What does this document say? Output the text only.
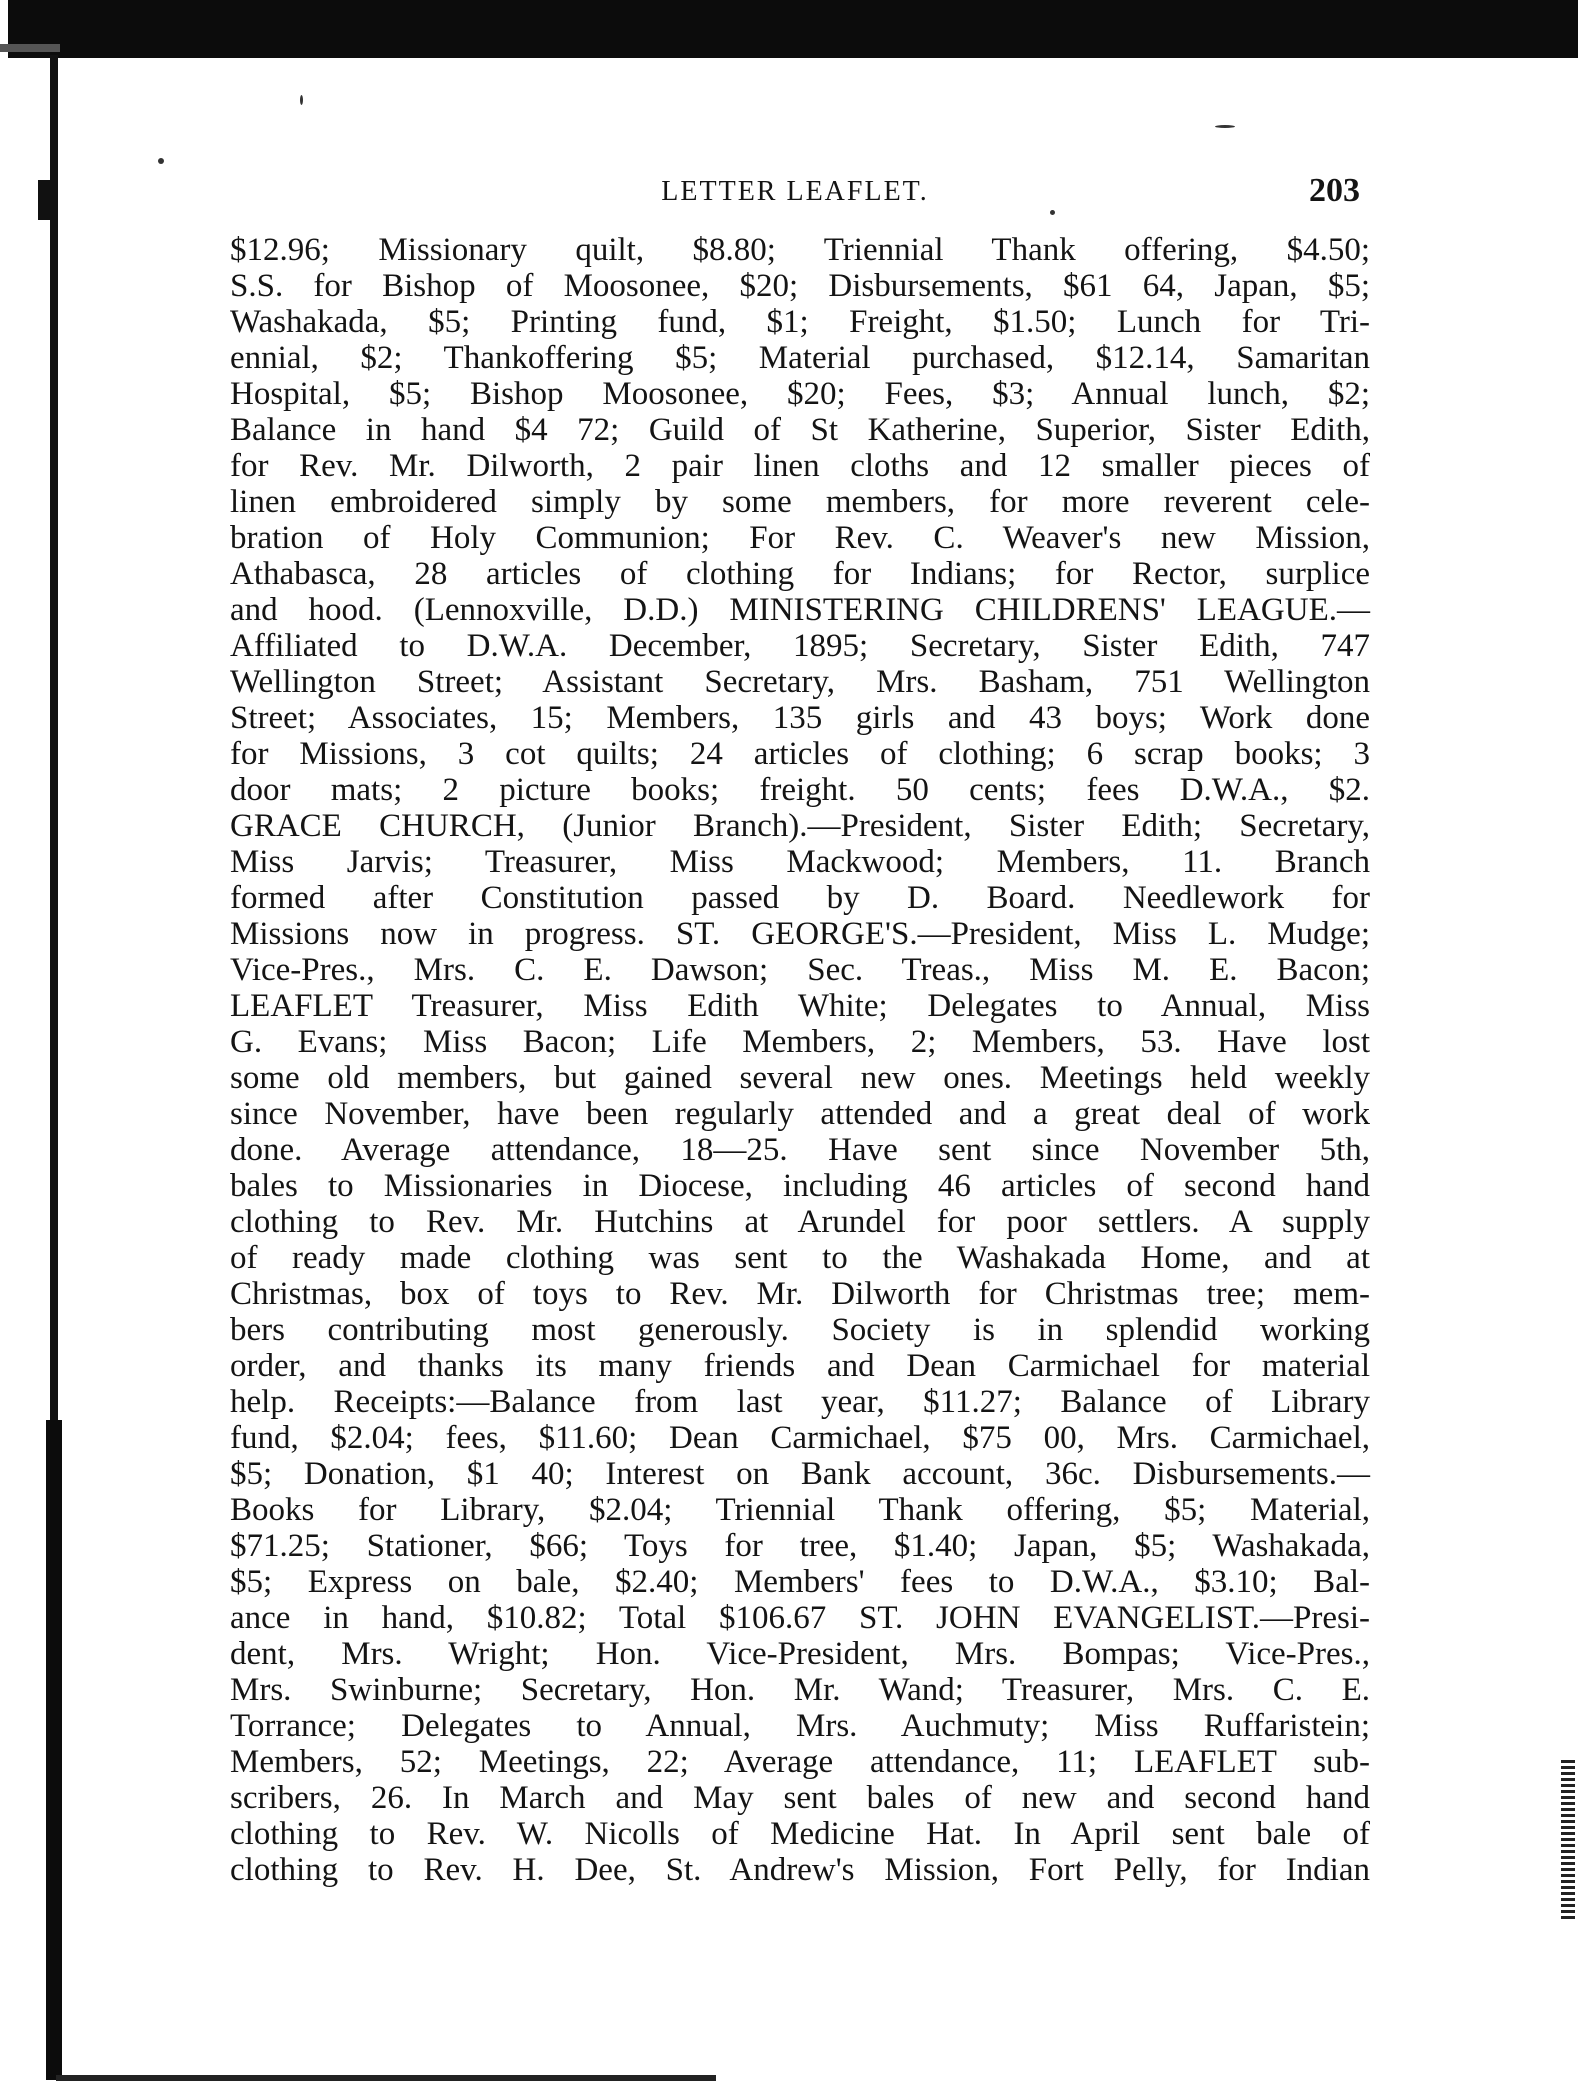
LETTER LEAFLET.	203
$12.96; Missionary quilt, $8.80; Triennial Thank offering, $4.50;
S.S. for Bishop of Moosonee, $20; Disbursements, $61 64, Japan, $5;
Washakada, $5; Printing fund, $1; Freight, $1.50; Lunch for Tri-
ennial, $2; Thankoffering $5; Material purchased, $12.14, Samaritan
Hospital, $5; Bishop Moosonee, $20; Fees, $3; Annual lunch, $2;
Balance in hand $4 72; Guild of St Katherine, Superior, Sister Edith,
for Rev. Mr. Dilworth, 2 pair linen cloths and 12 smaller pieces of
linen embroidered simply by some members, for more reverent cele-
bration of Holy Communion; For Rev. C. Weaver's new Mission,
Athabasca, 28 articles of clothing for Indians; for Rector, surplice
and hood. (Lennoxville, D.D.) MINISTERING CHILDRENS' LEAGUE.—
Affiliated to D.W.A. December, 1895; Secretary, Sister Edith, 747
Wellington Street; Assistant Secretary, Mrs. Basham, 751 Wellington
Street; Associates, 15; Members, 135 girls and 43 boys; Work done
for Missions, 3 cot quilts; 24 articles of clothing; 6 scrap books; 3
door mats; 2 picture books; freight. 50 cents; fees D.W.A., $2.
GRACE CHURCH, (Junior Branch).—President, Sister Edith; Secretary,
Miss Jarvis; Treasurer, Miss Mackwood; Members, 11. Branch
formed after Constitution passed by D. Board. Needlework for
Missions now in progress. ST. GEORGE'S.—President, Miss L. Mudge;
Vice-Pres., Mrs. C. E. Dawson; Sec. Treas., Miss M. E. Bacon;
LEAFLET Treasurer, Miss Edith White; Delegates to Annual, Miss
G. Evans; Miss Bacon; Life Members, 2; Members, 53. Have lost
some old members, but gained several new ones. Meetings held weekly
since November, have been regularly attended and a great deal of work
done. Average attendance, 18—25. Have sent since November 5th,
bales to Missionaries in Diocese, including 46 articles of second hand
clothing to Rev. Mr. Hutchins at Arundel for poor settlers. A supply
of ready made clothing was sent to the Washakada Home, and at
Christmas, box of toys to Rev. Mr. Dilworth for Christmas tree; mem-
bers contributing most generously. Society is in splendid working
order, and thanks its many friends and Dean Carmichael for material
help. Receipts:—Balance from last year, $11.27; Balance of Library
fund, $2.04; fees, $11.60; Dean Carmichael, $75 00, Mrs. Carmichael,
$5; Donation, $1 40; Interest on Bank account, 36c. Disbursements.—
Books for Library, $2.04; Triennial Thank offering, $5; Material,
$71.25; Stationer, $66; Toys for tree, $1.40; Japan, $5; Washakada,
$5; Express on bale, $2.40; Members' fees to D.W.A., $3.10; Bal-
ance in hand, $10.82; Total $106.67 ST. JOHN EVANGELIST.—Presi-
dent, Mrs. Wright; Hon. Vice-President, Mrs. Bompas; Vice-Pres.,
Mrs. Swinburne; Secretary, Hon. Mr. Wand; Treasurer, Mrs. C. E.
Torrance; Delegates to Annual, Mrs. Auchmuty; Miss Ruffaristein;
Members, 52; Meetings, 22; Average attendance, 11; LEAFLET sub-
scribers, 26. In March and May sent bales of new and second hand
clothing to Rev. W. Nicolls of Medicine Hat. In April sent bale of
clothing to Rev. H. Dee, St. Andrew's Mission, Fort Pelly, for Indian
